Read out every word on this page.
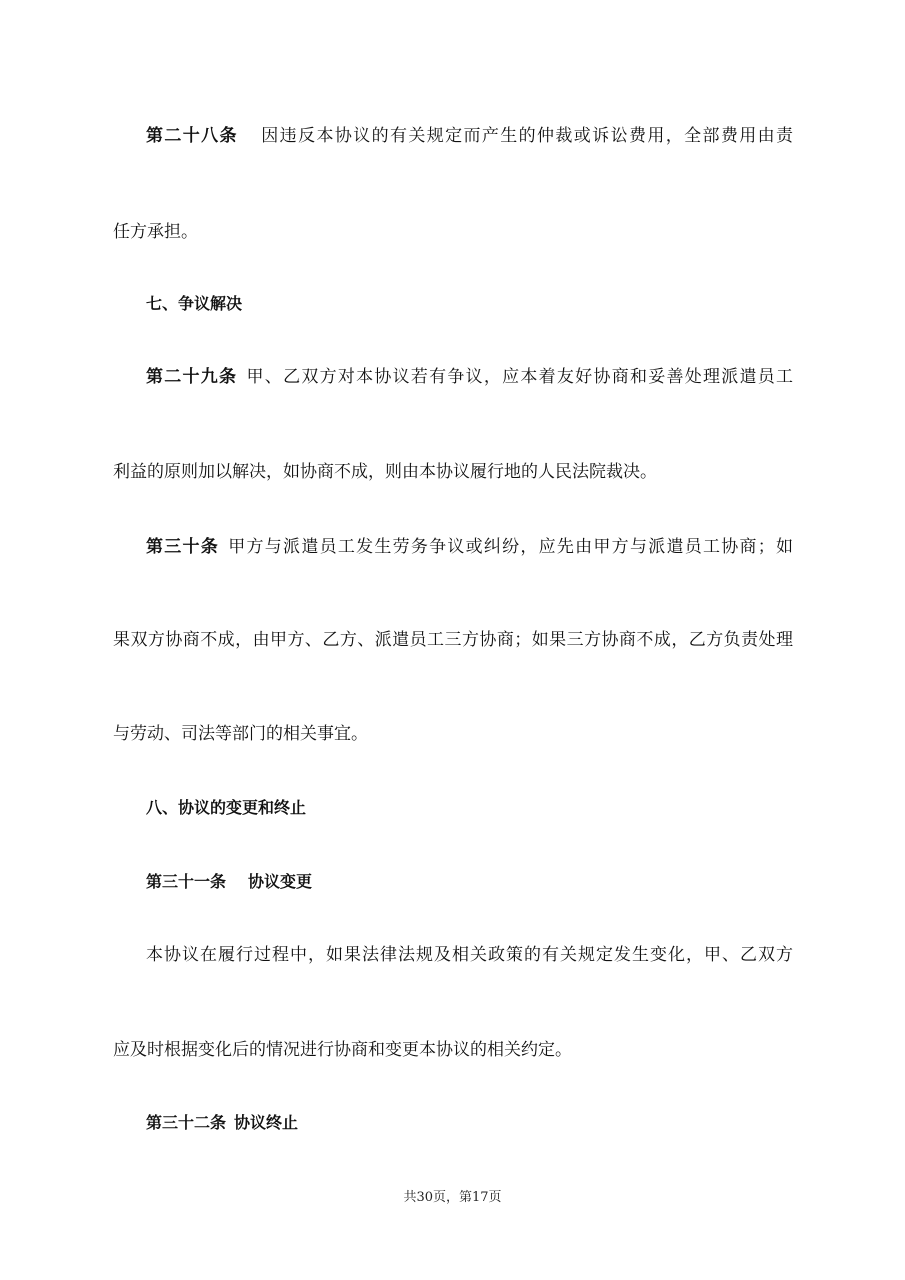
第二十八条 因违反本协议的有关规定而产生的仲裁或诉讼费用，全部费用由责
任方承担。
七、争议解决
第二十九条 甲、乙双方对本协议若有争议，应本着友好协商和妥善处理派遣员工
利益的原则加以解决，如协商不成，则由本协议履行地的人民法院裁决。
第三十条 甲方与派遣员工发生劳务争议或纠纷，应先由甲方与派遣员工协商；如
果双方协商不成，由甲方、乙方、派遣员工三方协商；如果三方协商不成，乙方负责处理
与劳动、司法等部门的相关事宜。
八、协议的变更和终止
第三十一条 协议变更
本协议在履行过程中，如果法律法规及相关政策的有关规定发生变化，甲、乙双方
应及时根据变化后的情况进行协商和变更本协议的相关约定。
第三十二条 协议终止
共30页，第17页
